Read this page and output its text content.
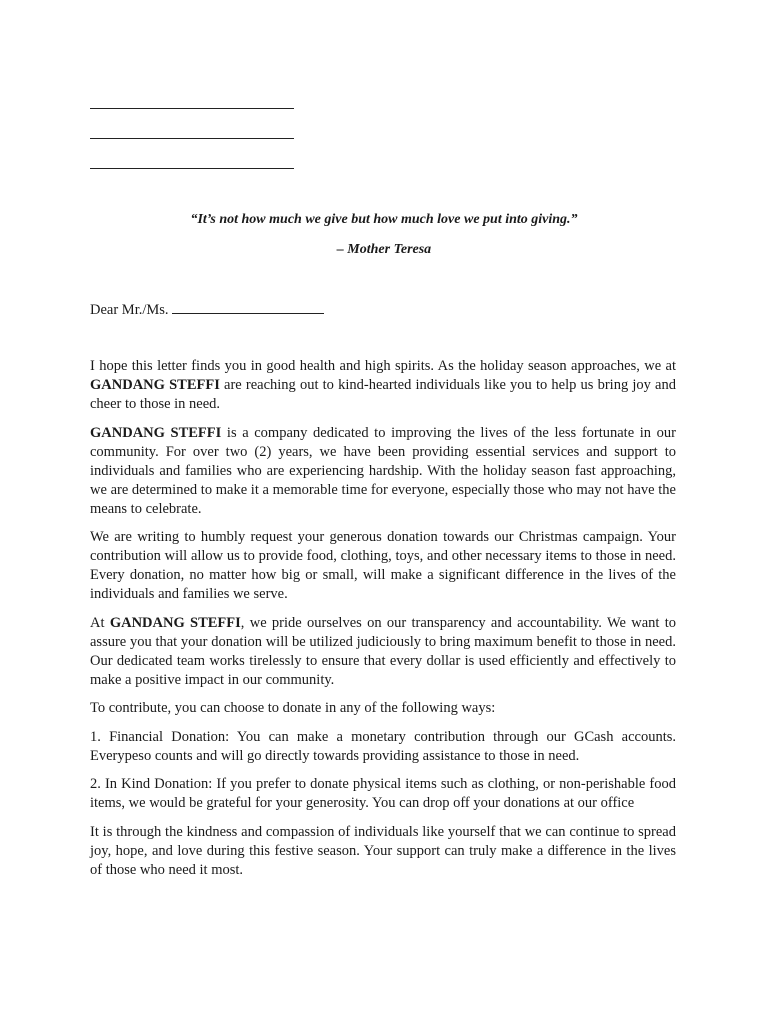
“It’s not how much we give but how much love we put into giving.”
– Mother Teresa
Dear Mr./Ms.

I hope this letter finds you in good health and high spirits. As the holiday season approaches, we at GANDANG STEFFI are reaching out to kind-hearted individuals like you to help us bring joy and cheer to those in need.

GANDANG STEFFI is a company dedicated to improving the lives of the less fortunate in our community. For over two (2) years, we have been providing essential services and support to individuals and families who are experiencing hardship. With the holiday season fast approaching, we are determined to make it a memorable time for everyone, especially those who may not have the means to celebrate.

We are writing to humbly request your generous donation towards our Christmas campaign. Your contribution will allow us to provide food, clothing, toys, and other necessary items to those in need. Every donation, no matter how big or small, will make a significant difference in the lives of the individuals and families we serve.

At GANDANG STEFFI, we pride ourselves on our transparency and accountability. We want to assure you that your donation will be utilized judiciously to bring maximum benefit to those in need. Our dedicated team works tirelessly to ensure that every dollar is used efficiently and effectively to make a positive impact in our community.

To contribute, you can choose to donate in any of the following ways:

1. Financial Donation: You can make a monetary contribution through our GCash accounts. Everypeso counts and will go directly towards providing assistance to those in need.

2. In Kind Donation: If you prefer to donate physical items such as clothing, or non-perishable food items, we would be grateful for your generosity. You can drop off your donations at our office

It is through the kindness and compassion of individuals like yourself that we can continue to spread joy, hope, and love during this festive season. Your support can truly make a difference in the lives of those who need it most.
